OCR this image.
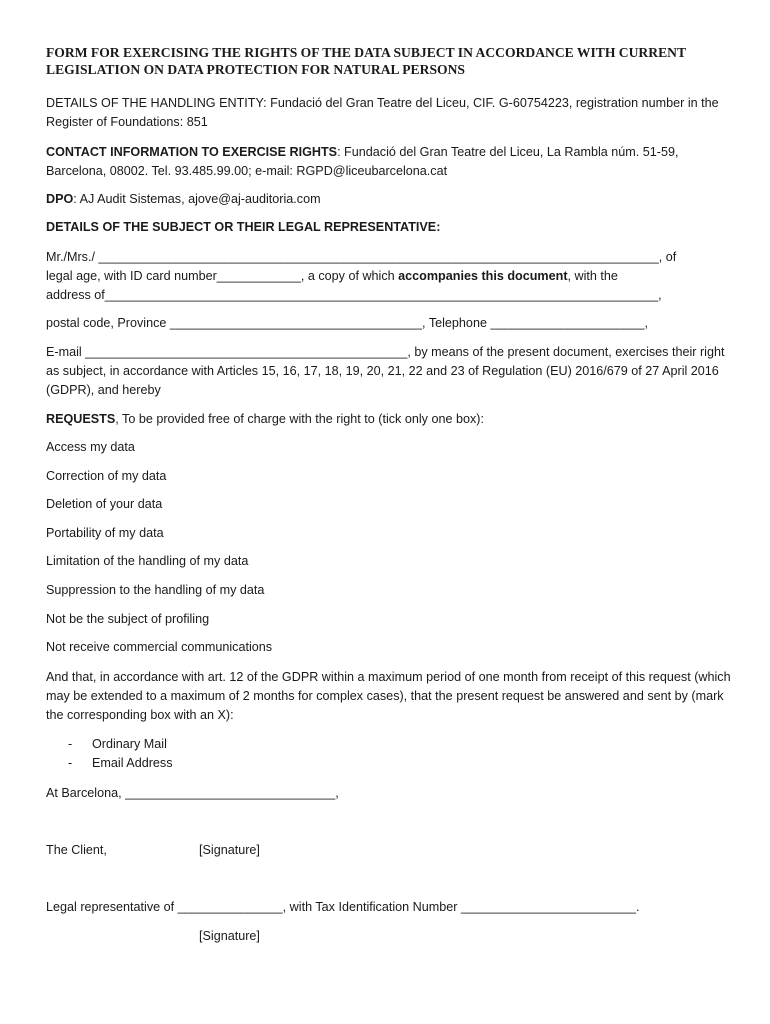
FORM FOR EXERCISING THE RIGHTS OF THE DATA SUBJECT IN ACCORDANCE WITH CURRENT LEGISLATION ON DATA PROTECTION FOR NATURAL PERSONS

DETAILS OF THE HANDLING ENTITY: Fundació del Gran Teatre del Liceu, CIF. G-60754223, registration number in the Register of Foundations: 851

CONTACT INFORMATION TO EXERCISE RIGHTS: Fundació del Gran Teatre del Liceu, La Rambla núm. 51-59, Barcelona, 08002. Tel. 93.485.99.00; e-mail: RGPD@liceubarcelona.cat

DPO: AJ Audit Sistemas, ajove@aj-auditoria.com

DETAILS OF THE SUBJECT OR THEIR LEGAL REPRESENTATIVE:

Mr./Mrs./ ________________________________________________________________________________, of
legal age, with ID card number____________, a copy of which accompanies this document, with the
address of_______________________________________________________________________________,

postal code, Province ____________________________________, Telephone ______________________,

E-mail ______________________________________________, by means of the present document, exercises their right as subject, in accordance with Articles 15, 16, 17, 18, 19, 20, 21, 22 and 23 of Regulation (EU) 2016/679 of 27 April 2016 (GDPR), and hereby

REQUESTS, To be provided free of charge with the right to (tick only one box):

Access my data
Correction of my data
Deletion of your data
Portability of my data
Limitation of the handling of my data
Suppression to the handling of my data
Not be the subject of profiling
Not receive commercial communications

And that, in accordance with art. 12 of the GDPR within a maximum period of one month from receipt of this request (which may be extended to a maximum of 2 months for complex cases), that the present request be answered and sent by (mark the corresponding box with an X):

- Ordinary Mail
- Email Address

At Barcelona, ______________________________,

The Client,	[Signature]

Legal representative of _______________, with Tax Identification Number _________________________.

[Signature]
